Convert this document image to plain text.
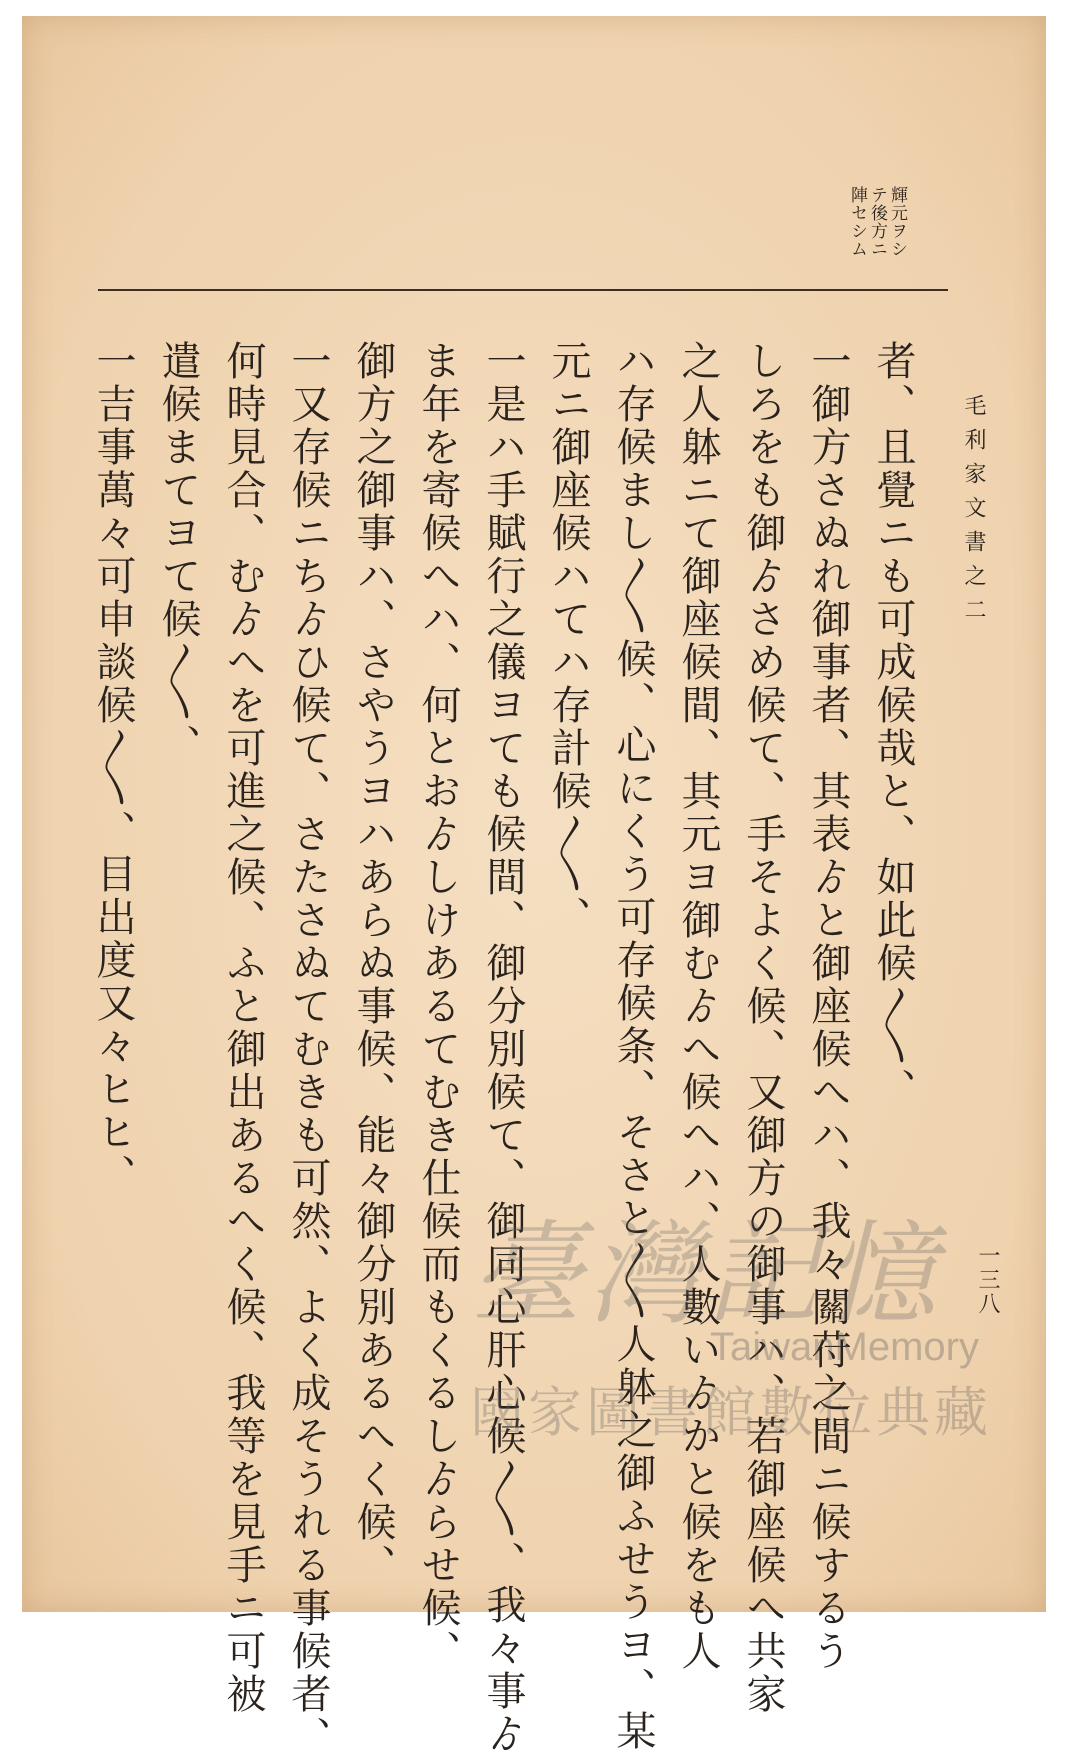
毛利家文書之二
一三八
輝元ヲシ
テ後方ニ
陣セシム
者、且覺ニも可成候哉と、如此候〱、
一御方さぬれ御事者、其表ゟと御座候へハ、我々關苻之間ニ候するう
しろをも御ゟさめ候て、手そよく候、又御方の御事ハ、若御座候へ共家
之人躰ニて御座候間、其元ヨ御むゟへ候へハ、人數いゟかと候をも人
ハ存候まし〱候、心にくう可存候条、そさと〱人躰之御ふせうヨ、某
元ニ御座候ハてハ存計候〱、
一是ハ手賦行之儀ヨても候間、御分別候て、御同心肝心候〱、我々事ゟ
ま年を寄候へハ、何とおゟしけあるてむき仕候而もくるしゟらせ候、
御方之御事ハ、さやうヨハあらぬ事候、能々御分別あるへく候、
一又存候ニちゟひ候て、さたさぬてむきも可然、よく成そうれる事候者、
何時見合、むゟへを可進之候、ふと御出あるへく候、我等を見手ニ可被
遣候まてヨて候〱、
一吉事萬々可申談候〱、目出度又々ヒヒ、
臺灣記憶
TaiwanMemory
國家圖書館數位典藏
